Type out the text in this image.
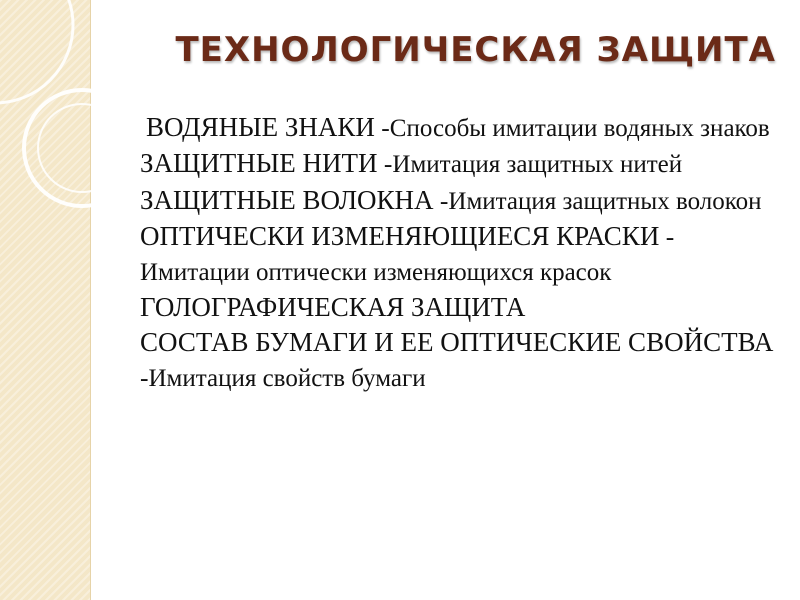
ТЕХНОЛОГИЧЕСКАЯ ЗАЩИТА

ВОДЯНЫЕ ЗНАКИ -Способы имитации водяных знаков

ЗАЩИТНЫЕ НИТИ -Имитация защитных нитей

ЗАЩИТНЫЕ ВОЛОКНА -Имитация защитных волокон

ОПТИЧЕСКИ ИЗМЕНЯЮЩИЕСЯ КРАСКИ - Имитации оптически изменяющихся красок

ГОЛОГРАФИЧЕСКАЯ ЗАЩИТА

СОСТАВ БУМАГИ И ЕЕ ОПТИЧЕСКИЕ СВОЙСТВА -Имитация свойств бумаги
